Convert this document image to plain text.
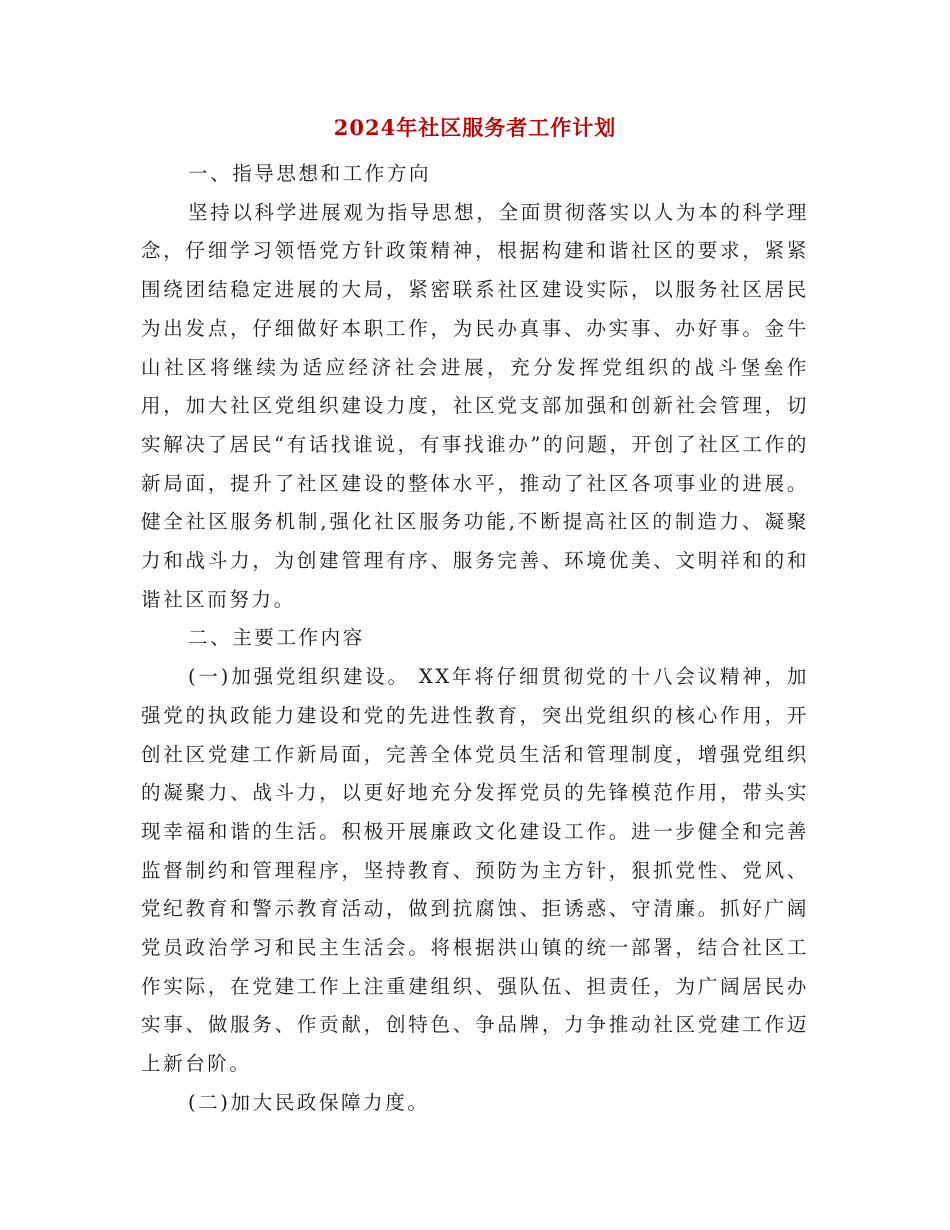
2024年社区服务者工作计划

一、指导思想和工作方向

坚持以科学进展观为指导思想，全面贯彻落实以人为本的科学理念，仔细学习领悟党方针政策精神，根据构建和谐社区的要求，紧紧围绕团结稳定进展的大局，紧密联系社区建设实际，以服务社区居民为出发点，仔细做好本职工作，为民办真事、办实事、办好事。金牛山社区将继续为适应经济社会进展，充分发挥党组织的战斗堡垒作用，加大社区党组织建设力度，社区党支部加强和创新社会管理，切实解决了居民“有话找谁说，有事找谁办”的问题，开创了社区工作的新局面，提升了社区建设的整体水平，推动了社区各项事业的进展。健全社区服务机制,强化社区服务功能,不断提高社区的制造力、凝聚力和战斗力，为创建管理有序、服务完善、环境优美、文明祥和的和谐社区而努力。

二、主要工作内容

(一)加强党组织建设。 XX年将仔细贯彻党的十八会议精神，加强党的执政能力建设和党的先进性教育，突出党组织的核心作用，开创社区党建工作新局面，完善全体党员生活和管理制度，增强党组织的凝聚力、战斗力，以更好地充分发挥党员的先锋模范作用，带头实现幸福和谐的生活。积极开展廉政文化建设工作。进一步健全和完善监督制约和管理程序，坚持教育、预防为主方针，狠抓党性、党风、党纪教育和警示教育活动，做到抗腐蚀、拒诱惑、守清廉。抓好广阔党员政治学习和民主生活会。将根据洪山镇的统一部署，结合社区工作实际，在党建工作上注重建组织、强队伍、担责任，为广阔居民办实事、做服务、作贡献，创特色、争品牌，力争推动社区党建工作迈上新台阶。

(二)加大民政保障力度。
